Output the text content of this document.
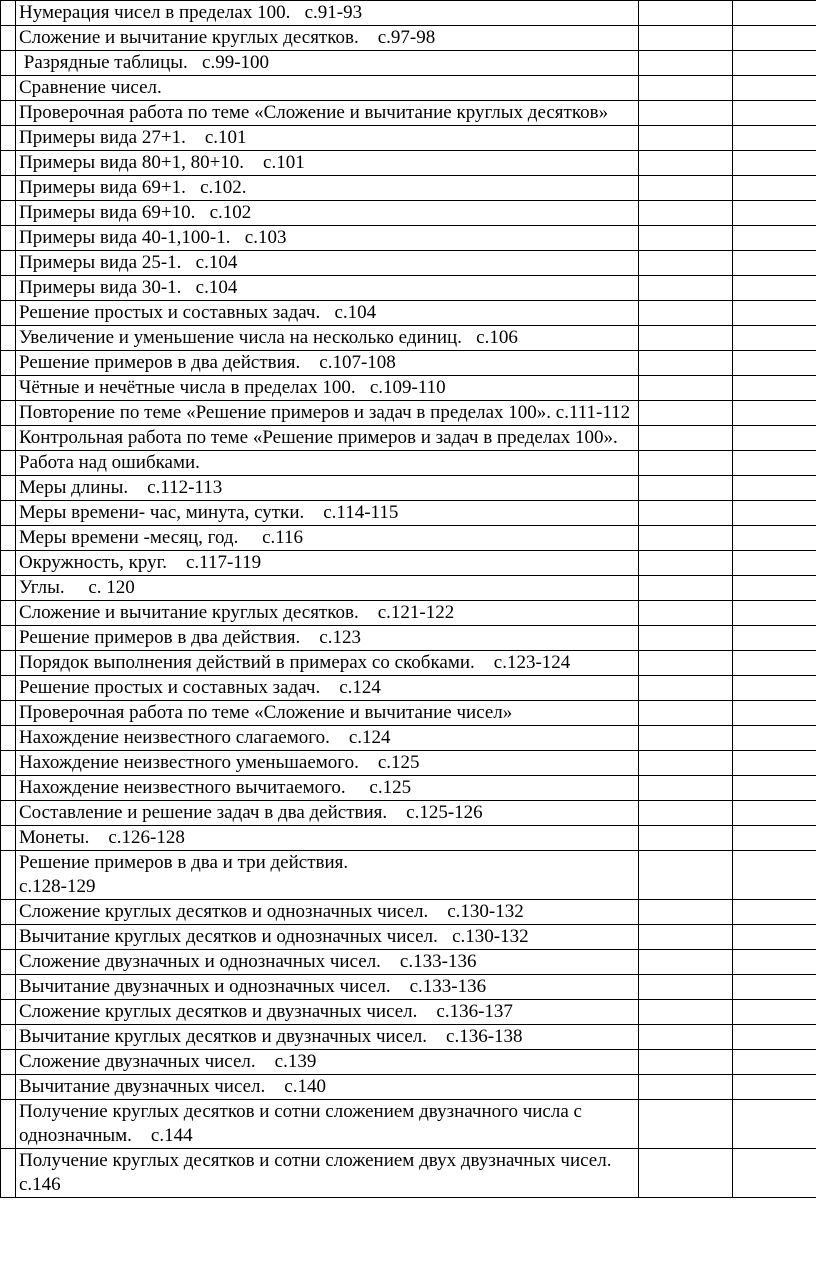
	Нумерация чисел в пределах 100.   с.91-93		
	Сложение и вычитание круглых десятков.    с.97-98		
	Разрядные таблицы.   с.99-100		
	Сравнение чисел.		
	Проверочная работа по теме «Сложение и вычитание круглых десятков»		
	Примеры вида 27+1.    с.101		
	Примеры вида 80+1, 80+10.    с.101		
	Примеры вида 69+1.   с.102.		
	Примеры вида 69+10.   с.102		
	Примеры вида 40-1,100-1.   с.103		
	Примеры вида 25-1.   с.104		
	Примеры вида 30-1.   с.104		
	Решение простых и составных задач.   с.104		
	Увеличение и уменьшение числа на несколько единиц.   с.106		
	Решение примеров в два действия.    с.107-108		
	Чётные и нечётные числа в пределах 100.   с.109-110		
	Повторение по теме «Решение примеров и задач в пределах 100». с.111-112		
	Контрольная работа по теме «Решение примеров и задач в пределах 100».		
	Работа над ошибками.		
	Меры длины.    с.112-113		
	Меры времени- час, минута, сутки.    с.114-115		
	Меры времени -месяц, год.     с.116		
	Окружность, круг.    с.117-119		
	Углы.     с. 120		
	Сложение и вычитание круглых десятков.    с.121-122		
	Решение примеров в два действия.    с.123		
	Порядок выполнения действий в примерах со скобками.    с.123-124		
	Решение простых и составных задач.    с.124		
	Проверочная работа по теме «Сложение и вычитание чисел»		
	Нахождение неизвестного слагаемого.    с.124		
	Нахождение неизвестного уменьшаемого.    с.125		
	Нахождение неизвестного вычитаемого.     с.125		
	Составление и решение задач в два действия.    с.125-126		
	Монеты.    с.126-128		
	Решение примеров в два и три действия.
с.128-129		
	Сложение круглых десятков и однозначных чисел.    с.130-132		
	Вычитание круглых десятков и однозначных чисел.   с.130-132		
	Сложение двузначных и однозначных чисел.    с.133-136		
	Вычитание двузначных и однозначных чисел.    с.133-136		
	Сложение круглых десятков и двузначных чисел.    с.136-137		
	Вычитание круглых десятков и двузначных чисел.    с.136-138		
	Сложение двузначных чисел.    с.139		
	Вычитание двузначных чисел.    с.140		
	Получение круглых десятков и сотни сложением двузначного числа с однозначным.    с.144		
	Получение круглых десятков и сотни сложением двух двузначных чисел.    с.146		
